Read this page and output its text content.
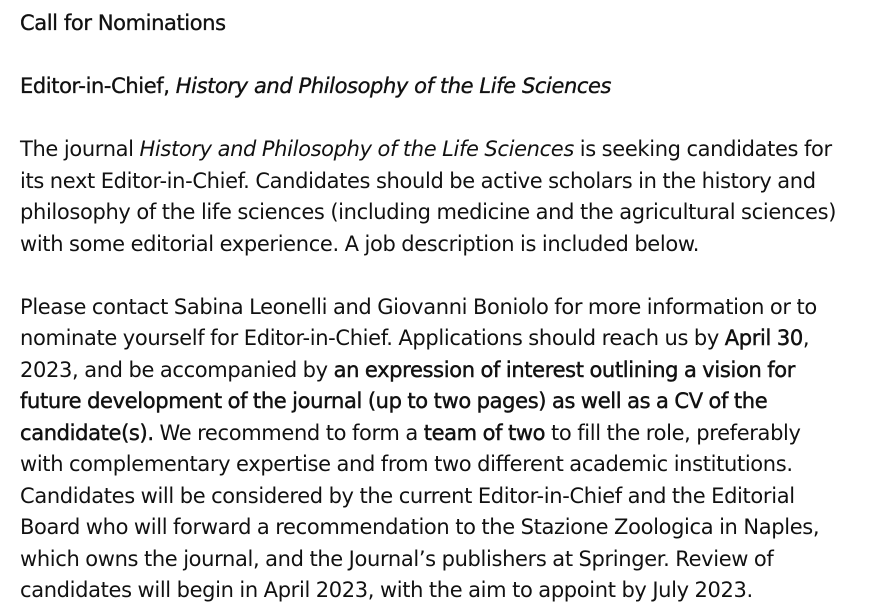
Call for Nominations
Editor-in-Chief, History and Philosophy of the Life Sciences

The journal History and Philosophy of the Life Sciences is seeking candidates for
its next Editor-in-Chief. Candidates should be active scholars in the history and
philosophy of the life sciences (including medicine and the agricultural sciences)
with some editorial experience. A job description is included below.

Please contact Sabina Leonelli and Giovanni Boniolo for more information or to
nominate yourself for Editor-in-Chief. Applications should reach us by April 30,
2023, and be accompanied by an expression of interest outlining a vision for
future development of the journal (up to two pages) as well as a CV of the
candidate(s). We recommend to form a team of two to fill the role, preferably
with complementary expertise and from two different academic institutions.
Candidates will be considered by the current Editor-in-Chief and the Editorial
Board who will forward a recommendation to the Stazione Zoologica in Naples,
which owns the journal, and the Journal’s publishers at Springer. Review of
candidates will begin in April 2023, with the aim to appoint by July 2023.
